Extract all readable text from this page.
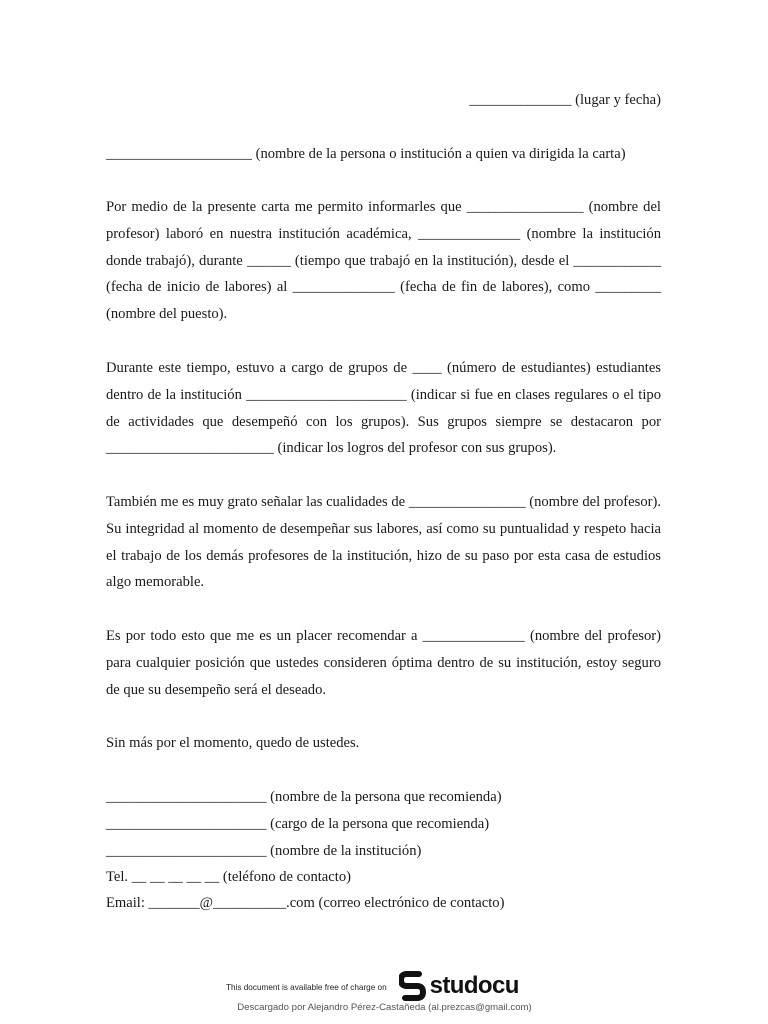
______________ (lugar y fecha)
____________________ (nombre de la persona o institución a quien va dirigida la carta)

Por medio de la presente carta me permito informarles que ________________ (nombre del profesor) laboró en nuestra institución académica, ______________ (nombre la institución donde trabajó), durante ______ (tiempo que trabajó en la institución), desde el ____________ (fecha de inicio de labores) al ______________ (fecha de fin de labores), como _________ (nombre del puesto).

Durante este tiempo, estuvo a cargo de grupos de ____ (número de estudiantes) estudiantes dentro de la institución ______________________ (indicar si fue en clases regulares o el tipo de actividades que desempeñó con los grupos). Sus grupos siempre se destacaron por _______________________ (indicar los logros del profesor con sus grupos).

También me es muy grato señalar las cualidades de ________________ (nombre del profesor). Su integridad al momento de desempeñar sus labores, así como su puntualidad y respeto hacia el trabajo de los demás profesores de la institución, hizo de su paso por esta casa de estudios algo memorable.

Es por todo esto que me es un placer recomendar a ______________ (nombre del profesor) para cualquier posición que ustedes consideren óptima dentro de su institución, estoy seguro de que su desempeño será el deseado.

Sin más por el momento, quedo de ustedes.

______________________ (nombre de la persona que recomienda)
______________________ (cargo de la persona que recomienda)
______________________ (nombre de la institución)
Tel. __ __ __ __ __ (teléfono de contacto)
Email: _______@__________.com (correo electrónico de contacto)
This document is available free of charge on studocu
Descargado por Alejandro Pérez-Castañeda (al.prezcas@gmail.com)
